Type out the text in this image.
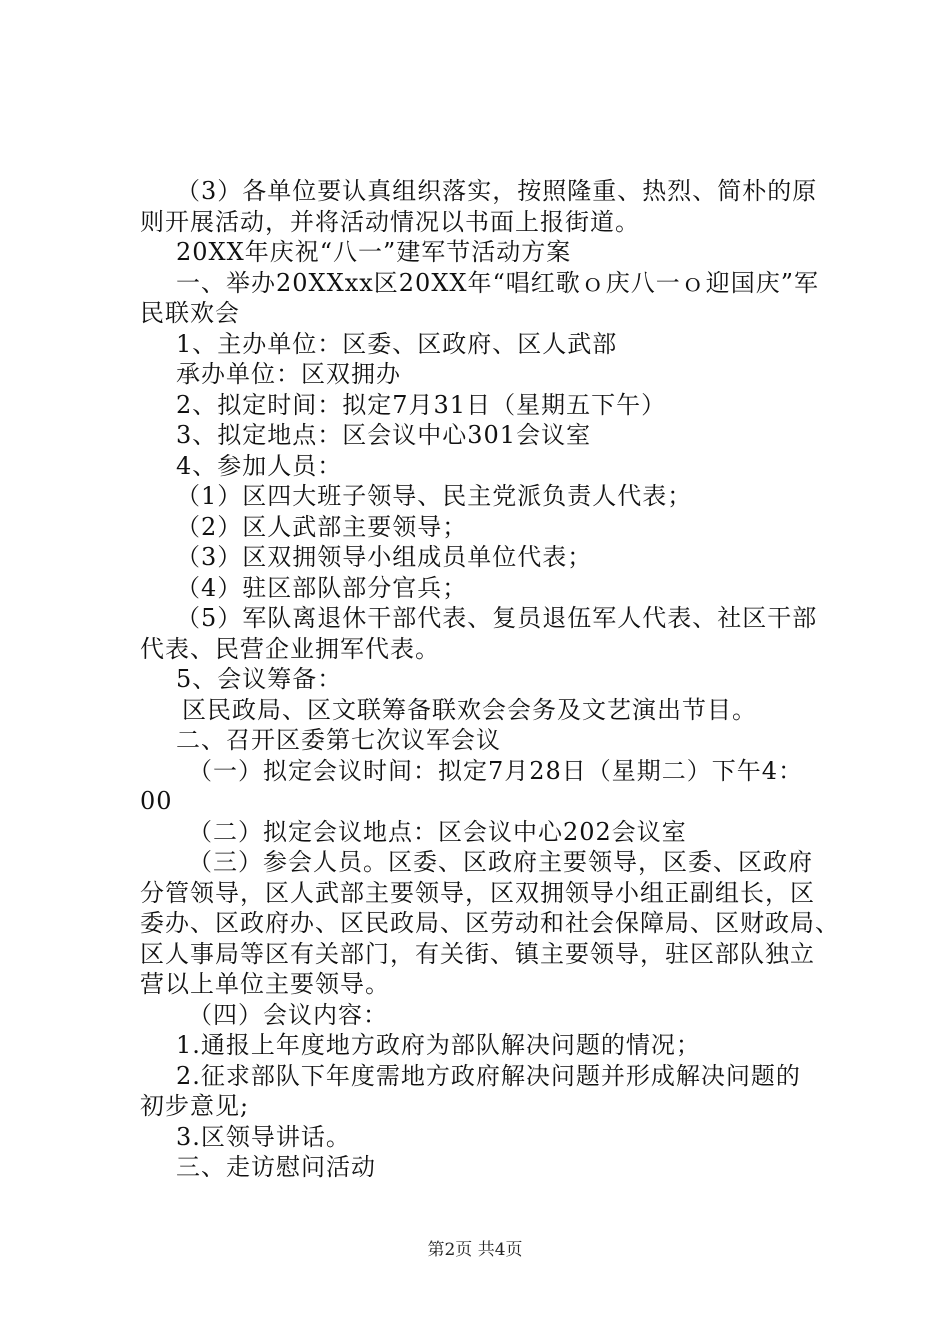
（3）各单位要认真组织落实，按照隆重、热烈、简朴的原
则开展活动，并将活动情况以书面上报街道。
20XX年庆祝“八一”建军节活动方案
一、举办20XXxx区20XX年“唱红歌ｏ庆八一ｏ迎国庆”军
民联欢会
1、主办单位：区委、区政府、区人武部
承办单位：区双拥办
2、拟定时间：拟定7月31日（星期五下午）
3、拟定地点：区会议中心301会议室
4、参加人员：
（1）区四大班子领导、民主党派负责人代表；
（2）区人武部主要领导；
（3）区双拥领导小组成员单位代表；
（4）驻区部队部分官兵；
（5）军队离退休干部代表、复员退伍军人代表、社区干部
代表、民营企业拥军代表。
5、会议筹备：
区民政局、区文联筹备联欢会会务及文艺演出节目。
二、召开区委第七次议军会议
（一）拟定会议时间：拟定7月28日（星期二）下午4：
00
（二）拟定会议地点：区会议中心202会议室
（三）参会人员。区委、区政府主要领导，区委、区政府
分管领导，区人武部主要领导，区双拥领导小组正副组长，区
委办、区政府办、区民政局、区劳动和社会保障局、区财政局、
区人事局等区有关部门，有关街、镇主要领导，驻区部队独立
营以上单位主要领导。
（四）会议内容：
1.通报上年度地方政府为部队解决问题的情况；
2.征求部队下年度需地方政府解决问题并形成解决问题的
初步意见;
3.区领导讲话。
三、走访慰问活动
第2页 共4页
